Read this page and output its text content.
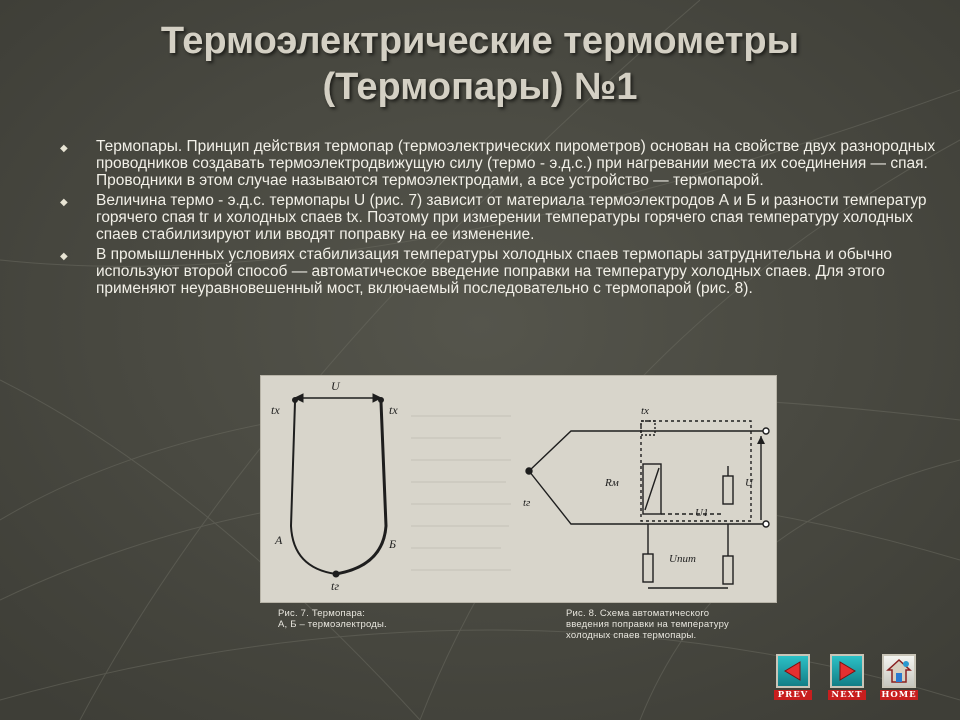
Термоэлектрические термометры
(Термопары) №1
◆ Термопары. Принцип действия термопар (термоэлектрических пирометров) основан на свойстве двух разнородных проводников создавать термоэлектродвижущую силу (термо - э.д.с.) при нагревании места их соединения — спая. Проводники в этом случае называются термоэлектродами, а все устройство — термопарой.
◆ Величина термо - э.д.с. термопары U (рис. 7) зависит от материала термоэлектродов А и Б и разности температур горячего спая tг и холодных спаев tx. Поэтому при измерении температуры горячего спая температуру холодных спаев стабилизируют или вводят поправку на ее изменение.
◆ В промышленных условиях стабилизация температуры холодных спаев термопары затруднительна и обычно используют второй способ — автоматическое введение поправки на температуру холодных спаев. Для этого применяют неуравновешенный мост, включаемый последовательно с термопарой (рис. 8).
U
tx	tx
А	Б
tг
tx
Rм
tг
U
U1
Uпит
Рис. 7. Термопара:
А, Б – термоэлектроды.
Рис. 8. Схема автоматического
введения поправки на температуру
холодных спаев термопары.
PREV	NEXT	HOME
